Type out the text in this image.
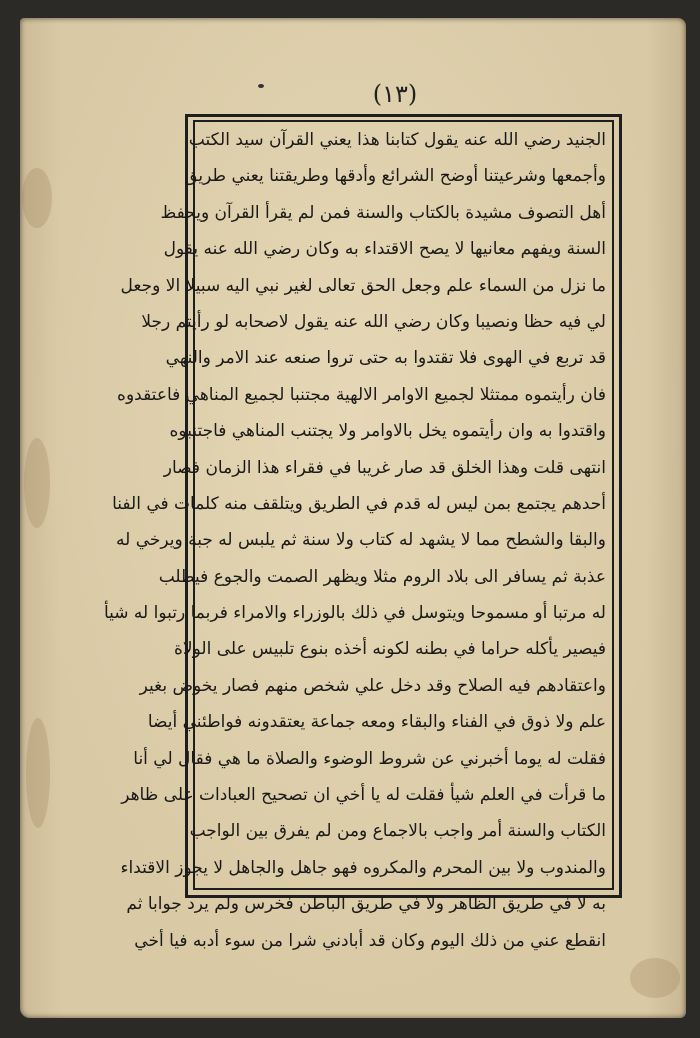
(١٣)
الجنيد رضي الله عنه يقول كتابنا هذا يعني القرآن سيد الكتب
وأجمعها وشرعيتنا أوضح الشرائع وأدقها وطريقتنا يعني طريق
أهل التصوف مشيدة بالكتاب والسنة فمن لم يقرأ القرآن ويحفظ
السنة ويفهم معانيها لا يصح الاقتداء به وكان رضي الله عنه يقول
ما نزل من السماء علم وجعل الحق تعالى لغير نبي اليه سبيلا الا وجعل
لي فيه حظا ونصيبا وكان رضي الله عنه يقول لاصحابه لو رأيتم رجلا
قد تربع في الهوى فلا تقتدوا به حتى تروا صنعه عند الامر والنهي
فان رأيتموه ممتثلا لجميع الاوامر الالهية مجتنبا لجميع المناهي فاعتقدوه
واقتدوا به وان رأيتموه يخل بالاوامر ولا يجتنب المناهي فاجتنبوه
انتهى قلت وهذا الخلق قد صار غريبا في فقراء هذا الزمان فصار
أحدهم يجتمع بمن ليس له قدم في الطريق ويتلقف منه كلمات في الفنا
والبقا والشطح مما لا يشهد له كتاب ولا سنة ثم يلبس له جبة ويرخي له
عذبة ثم يسافر الى بلاد الروم مثلا ويظهر الصمت والجوع فيطلب
له مرتبا أو مسموحا ويتوسل في ذلك بالوزراء والامراء فربما رتبوا له شيأ
فيصير يأكله حراما في بطنه لكونه أخذه بنوع تلبيس على الولاة
واعتقادهم فيه الصلاح وقد دخل علي شخص منهم فصار يخوض بغير
علم ولا ذوق في الفناء والبقاء ومعه جماعة يعتقدونه فواطئني أيضا
فقلت له يوما أخبرني عن شروط الوضوء والصلاة ما هي فقال لي أنا
ما قرأت في العلم شيأ فقلت له يا أخي ان تصحيح العبادات على ظاهر
الكتاب والسنة أمر واجب بالاجماع ومن لم يفرق بين الواجب
والمندوب ولا بين المحرم والمكروه فهو جاهل والجاهل لا يجوز الاقتداء
به لا في طريق الظاهر ولا في طريق الباطن فخرس ولم يرد جوابا ثم
انقطع عني من ذلك اليوم وكان قد أبادني شرا من سوء أدبه فيا أخي
